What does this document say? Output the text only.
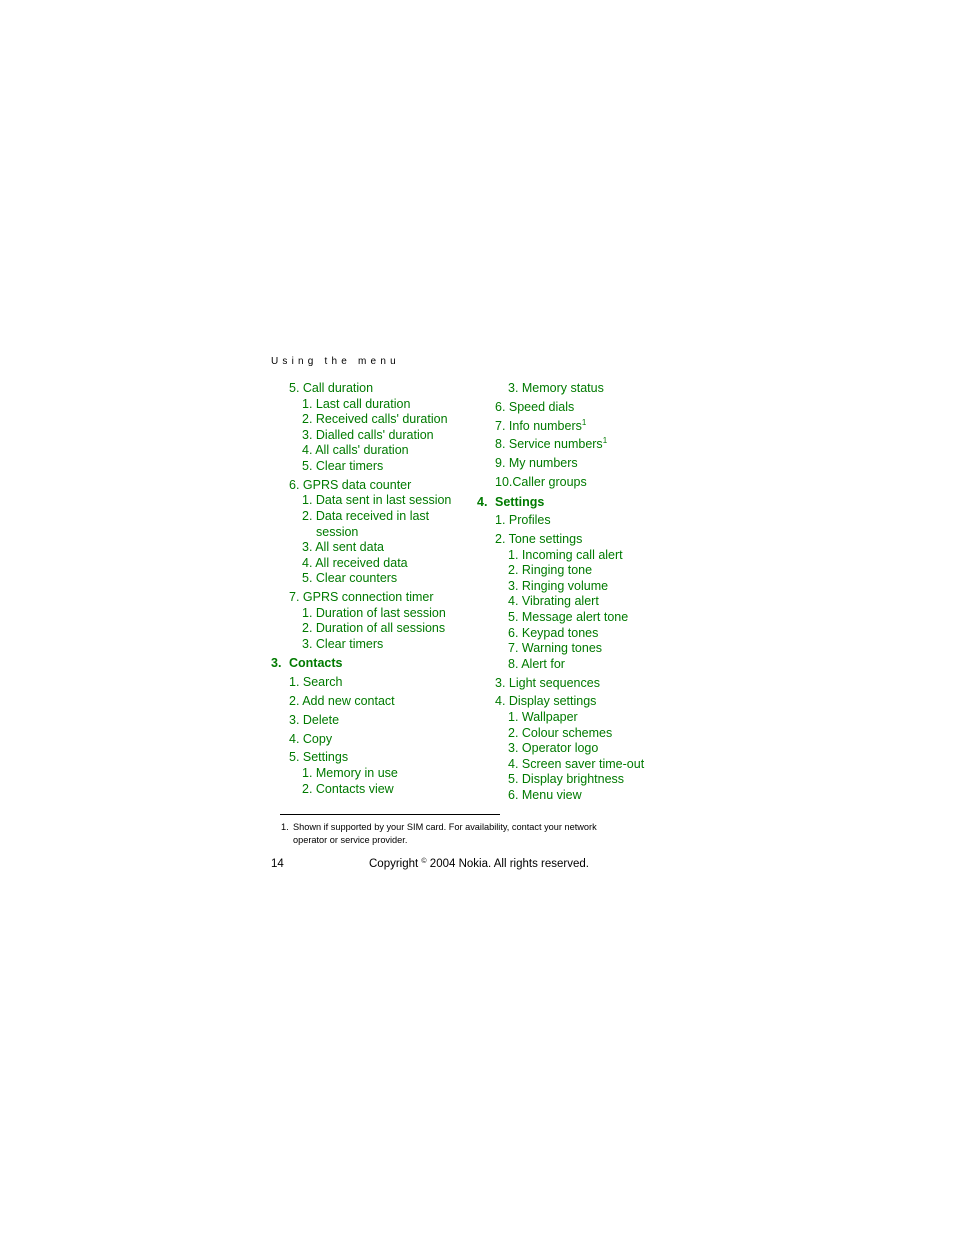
Using the menu
5. Call duration
1. Last call duration
2. Received calls' duration
3. Dialled calls' duration
4. All calls' duration
5. Clear timers
6. GPRS data counter
1. Data sent in last session
2. Data received in last
session
3. All sent data
4. All received data
5. Clear counters
7. GPRS connection timer
1. Duration of last session
2. Duration of all sessions
3. Clear timers
3. Contacts
1. Search
2. Add new contact
3. Delete
4. Copy
5. Settings
1. Memory in use
2. Contacts view
3. Memory status
6. Speed dials
7. Info numbers$^1$
8. Service numbers$^1$
9. My numbers
10.Caller groups
4. Settings
1. Profiles
2. Tone settings
1. Incoming call alert
2. Ringing tone
3. Ringing volume
4. Vibrating alert
5. Message alert tone
6. Keypad tones
7. Warning tones
8. Alert for
3. Light sequences
4. Display settings
1. Wallpaper
2. Colour schemes
3. Operator logo
4. Screen saver time-out
5. Display brightness
6. Menu view
1. Shown if supported by your SIM card. For availability, contact your network operator or service provider.
14	Copyright © 2004 Nokia. All rights reserved.
